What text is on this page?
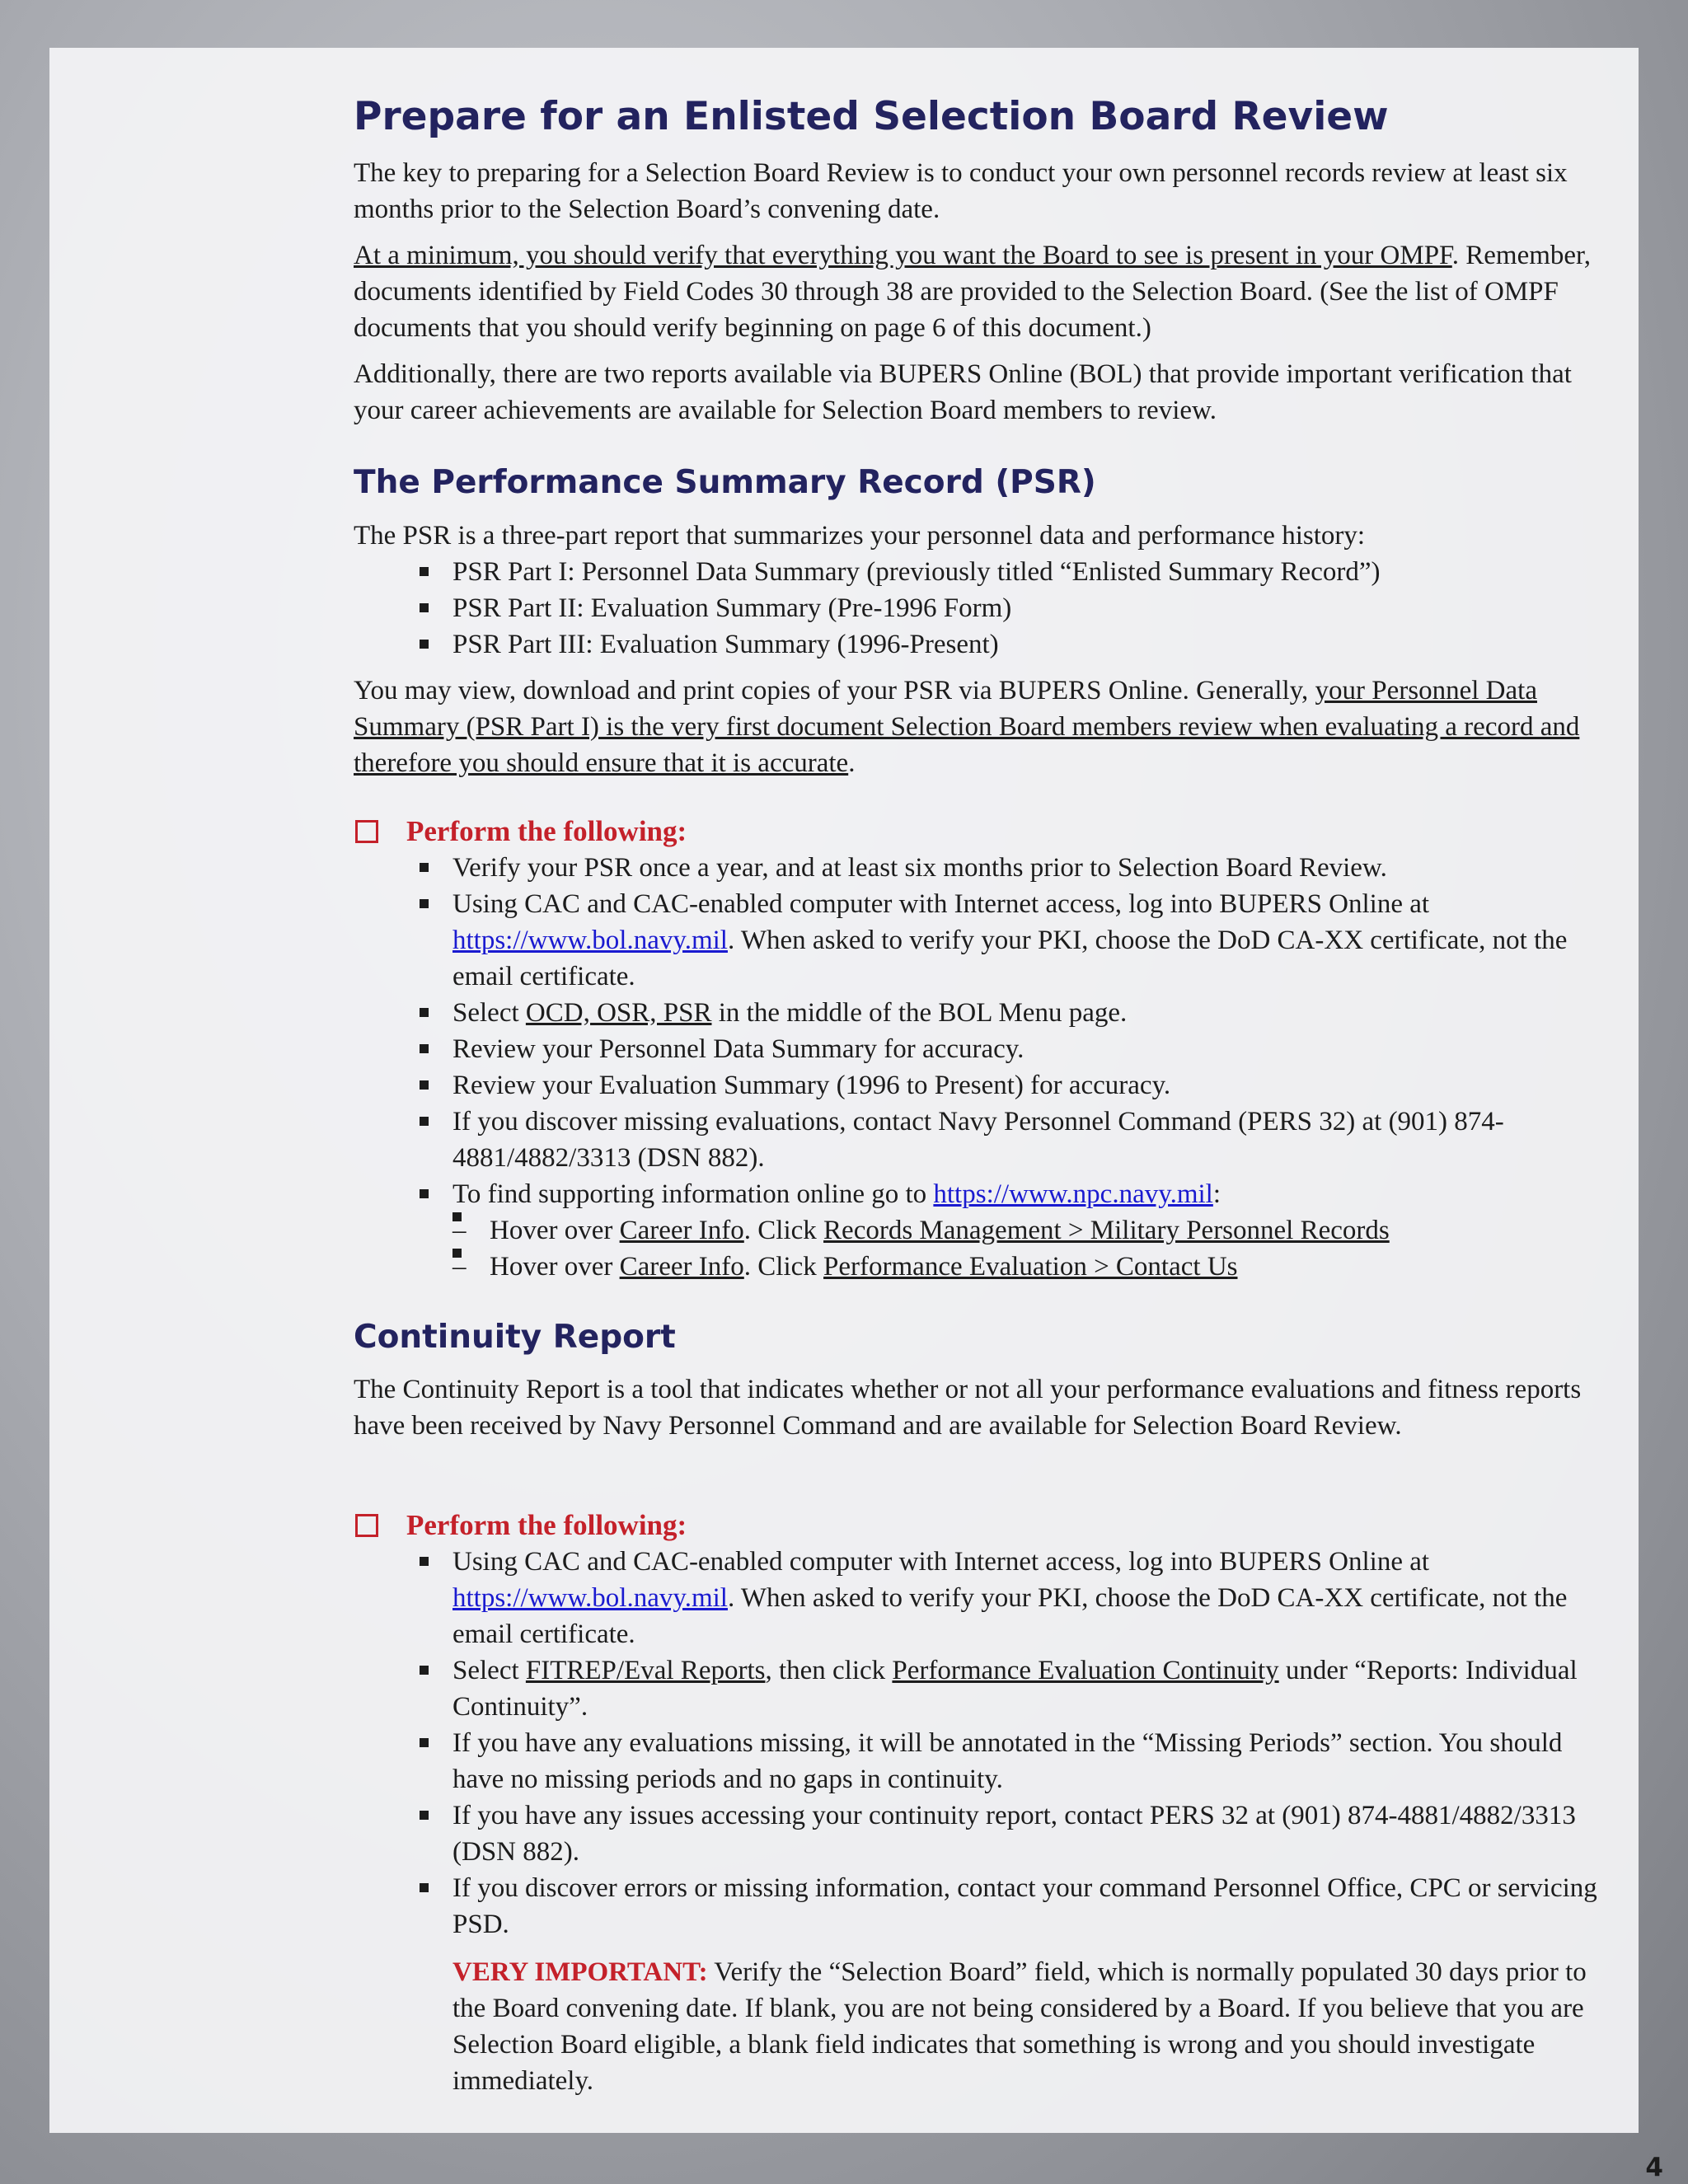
Prepare for an Enlisted Selection Board Review

The key to preparing for a Selection Board Review is to conduct your own personnel records review at least six months prior to the Selection Board’s convening date.

At a minimum, you should verify that everything you want the Board to see is present in your OMPF. Remember, documents identified by Field Codes 30 through 38 are provided to the Selection Board. (See the list of OMPF documents that you should verify beginning on page 6 of this document.)

Additionally, there are two reports available via BUPERS Online (BOL) that provide important verification that your career achievements are available for Selection Board members to review.

The Performance Summary Record (PSR)

The PSR is a three-part report that summarizes your personnel data and performance history:

PSR Part I: Personnel Data Summary (previously titled “Enlisted Summary Record”)
PSR Part II: Evaluation Summary (Pre-1996 Form)
PSR Part III: Evaluation Summary (1996-Present)

You may view, download and print copies of your PSR via BUPERS Online. Generally, your Personnel Data Summary (PSR Part I) is the very first document Selection Board members review when evaluating a record and therefore you should ensure that it is accurate.

Perform the following:
Verify your PSR once a year, and at least six months prior to Selection Board Review.
Using CAC and CAC-enabled computer with Internet access, log into BUPERS Online at https://www.bol.navy.mil. When asked to verify your PKI, choose the DoD CA-XX certificate, not the email certificate.
Select OCD, OSR, PSR in the middle of the BOL Menu page.
Review your Personnel Data Summary for accuracy.
Review your Evaluation Summary (1996 to Present) for accuracy.
If you discover missing evaluations, contact Navy Personnel Command (PERS 32) at (901) 874-4881/4882/3313 (DSN 882).
To find supporting information online go to https://www.npc.navy.mil:
– Hover over Career Info. Click Records Management > Military Personnel Records
– Hover over Career Info. Click Performance Evaluation > Contact Us
Continuity Report

The Continuity Report is a tool that indicates whether or not all your performance evaluations and fitness reports have been received by Navy Personnel Command and are available for Selection Board Review.

Perform the following:
Using CAC and CAC-enabled computer with Internet access, log into BUPERS Online at https://www.bol.navy.mil. When asked to verify your PKI, choose the DoD CA-XX certificate, not the email certificate.
Select FITREP/Eval Reports, then click Performance Evaluation Continuity under “Reports: Individual Continuity”.
If you have any evaluations missing, it will be annotated in the “Missing Periods” section. You should have no missing periods and no gaps in continuity.
If you have any issues accessing your continuity report, contact PERS 32 at (901) 874-4881/4882/3313 (DSN 882).
If you discover errors or missing information, contact your command Personnel Office, CPC or servicing PSD.

VERY IMPORTANT: Verify the “Selection Board” field, which is normally populated 30 days prior to the Board convening date. If blank, you are not being considered by a Board. If you believe that you are Selection Board eligible, a blank field indicates that something is wrong and you should investigate immediately.

4
